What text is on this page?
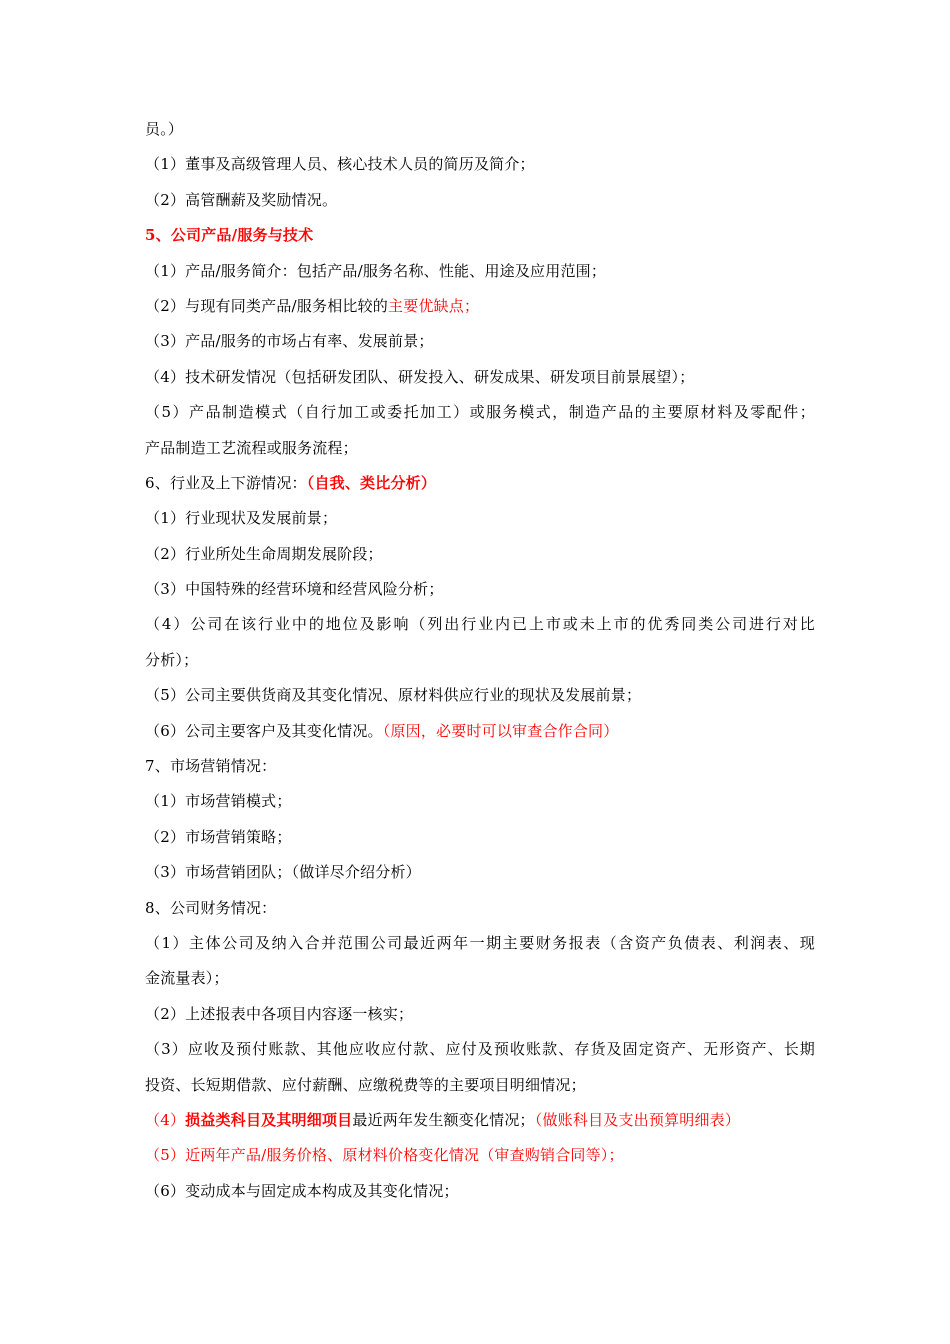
员。）
（1）董事及高级管理人员、核心技术人员的简历及简介；
（2）高管酬薪及奖励情况。
5、公司产品/服务与技术
（1）产品/服务简介：包括产品/服务名称、性能、用途及应用范围；
（2）与现有同类产品/服务相比较的主要优缺点；
（3）产品/服务的市场占有率、发展前景；
（4）技术研发情况（包括研发团队、研发投入、研发成果、研发项目前景展望）；
（5）产品制造模式（自行加工或委托加工）或服务模式，制造产品的主要原材料及零配件；
产品制造工艺流程或服务流程；
6、行业及上下游情况：（自我、类比分析）
（1）行业现状及发展前景；
（2）行业所处生命周期发展阶段；
（3）中国特殊的经营环境和经营风险分析；
（4）公司在该行业中的地位及影响（列出行业内已上市或未上市的优秀同类公司进行对比
分析）；
（5）公司主要供货商及其变化情况、原材料供应行业的现状及发展前景；
（6）公司主要客户及其变化情况。（原因，必要时可以审查合作合同）
7、市场营销情况：
（1）市场营销模式；
（2）市场营销策略；
（3）市场营销团队；（做详尽介绍分析）
8、公司财务情况：
（1）主体公司及纳入合并范围公司最近两年一期主要财务报表（含资产负债表、利润表、现
金流量表）；
（2）上述报表中各项目内容逐一核实；
（3）应收及预付账款、其他应收应付款、应付及预收账款、存货及固定资产、无形资产、长期
投资、长短期借款、应付薪酬、应缴税费等的主要项目明细情况；
（4）损益类科目及其明细项目最近两年发生额变化情况；（做账科目及支出预算明细表）
（5）近两年产品/服务价格、原材料价格变化情况（审查购销合同等）；
（6）变动成本与固定成本构成及其变化情况；
